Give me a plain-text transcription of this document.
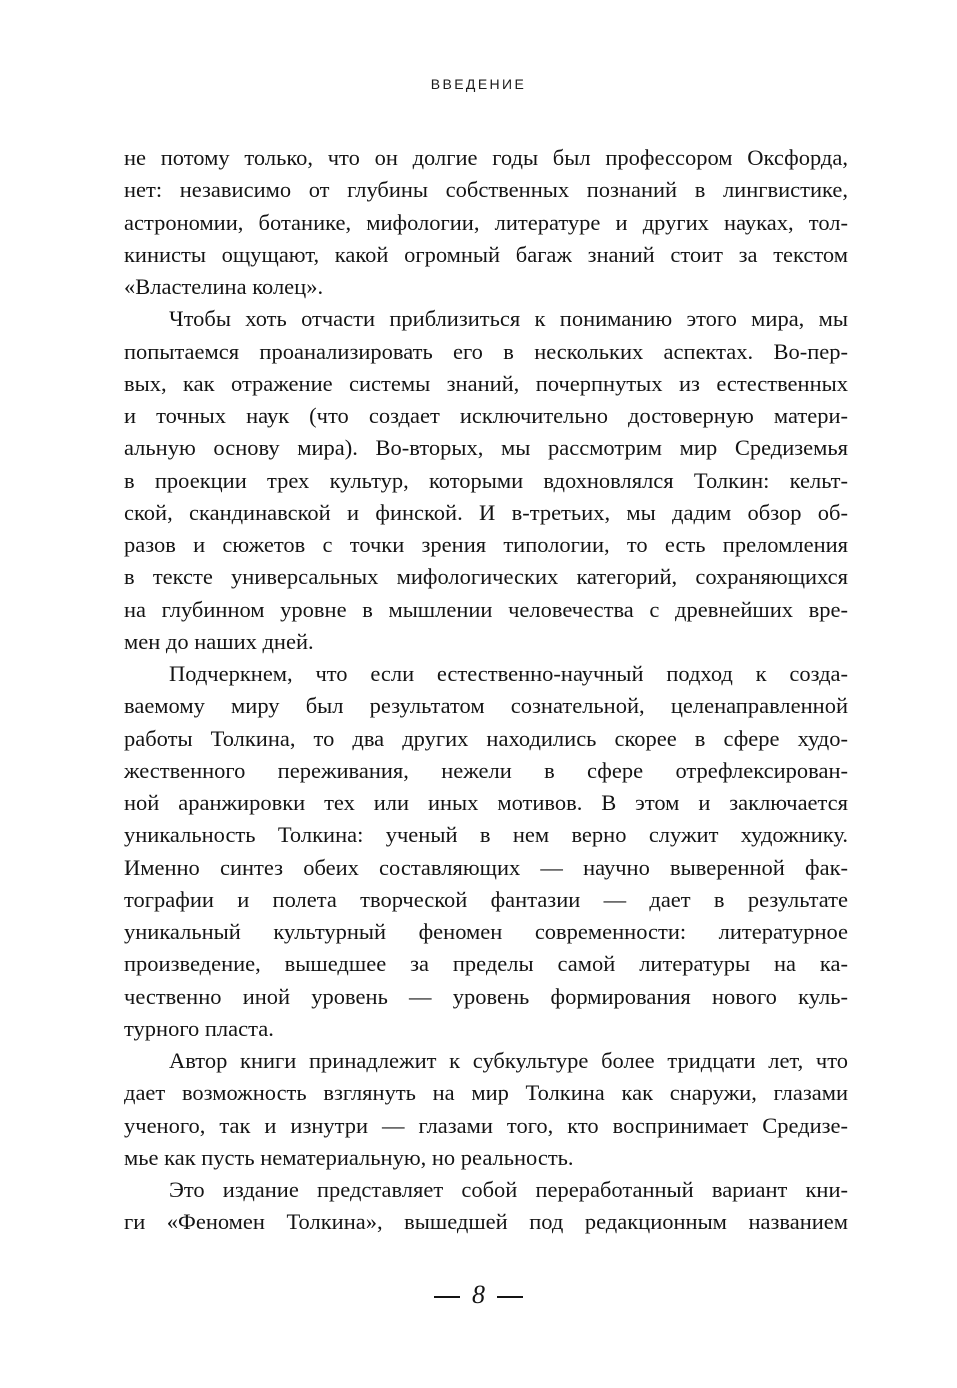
ВВЕДЕНИЕ
не потому только, что он долгие годы был профессором Оксфорда,
нет: независимо от глубины собственных познаний в лингвистике,
астрономии, ботанике, мифологии, литературе и других науках, тол-
кинисты ощущают, какой огромный багаж знаний стоит за текстом
«Властелина колец».
Чтобы хоть отчасти приблизиться к пониманию этого мира, мы
попытаемся проанализировать его в нескольких аспектах. Во-пер-
вых, как отражение системы знаний, почерпнутых из естественных
и точных наук (что создает исключительно достоверную матери-
альную основу мира). Во-вторых, мы рассмотрим мир Средиземья
в проекции трех культур, которыми вдохновлялся Толкин: кельт-
ской, скандинавской и финской. И в-третьих, мы дадим обзор об-
разов и сюжетов с точки зрения типологии, то есть преломления
в тексте универсальных мифологических категорий, сохраняющихся
на глубинном уровне в мышлении человечества с древнейших вре-
мен до наших дней.
Подчеркнем, что если естественно-научный подход к созда-
ваемому миру был результатом сознательной, целенаправленной
работы Толкина, то два других находились скорее в сфере худо-
жественного переживания, нежели в сфере отрефлексирован-
ной аранжировки тех или иных мотивов. В этом и заключается
уникальность Толкина: ученый в нем верно служит художнику.
Именно синтез обеих составляющих — научно выверенной фак-
тографии и полета творческой фантазии — дает в результате
уникальный культурный феномен современности: литературное
произведение, вышедшее за пределы самой литературы на ка-
чественно иной уровень — уровень формирования нового куль-
турного пласта.
Автор книги принадлежит к субкультуре более тридцати лет, что
дает возможность взглянуть на мир Толкина как снаружи, глазами
ученого, так и изнутри — глазами того, кто воспринимает Средизе-
мье как пусть нематериальную, но реальность.
Это издание представляет собой переработанный вариант кни-
ги «Феномен Толкина», вышедшей под редакционным названием
8
